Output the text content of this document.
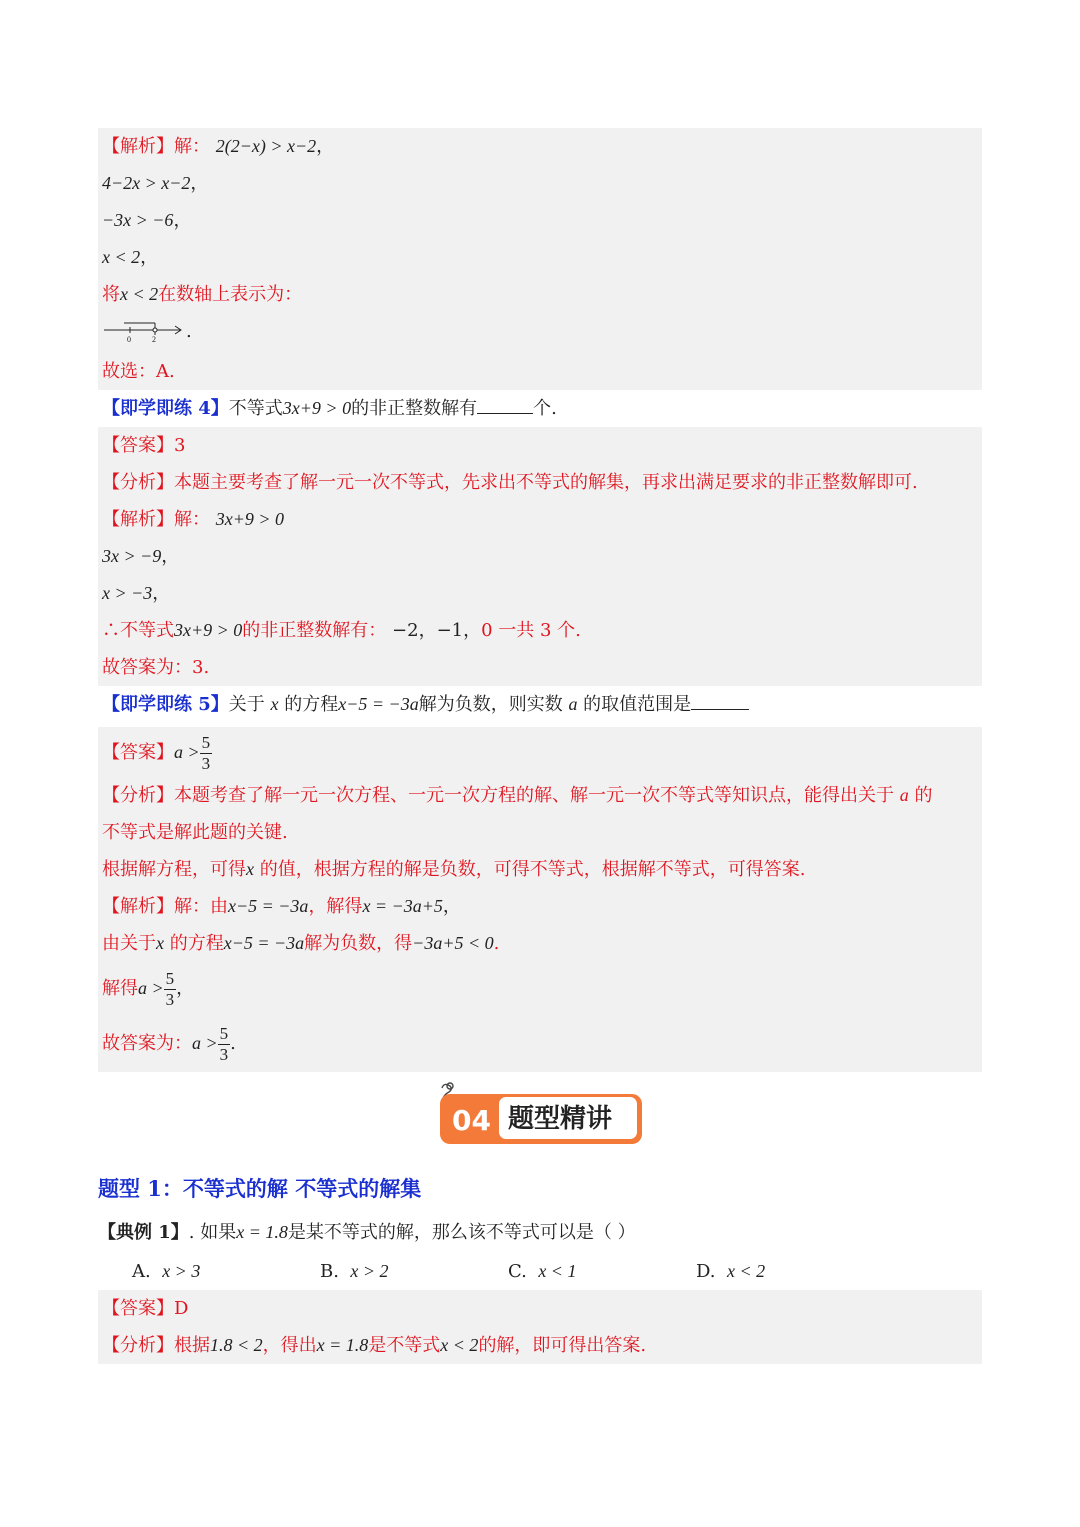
【解析】解： 2(2−x) > x−2，
4−2x > x−2，
−3x > −6，
x < 2，
将x < 2在数轴上表示为：
0	2 .
故选：A.
【即学即练 4】不等式3x+9 > 0的非正整数解有	个.
【答案】3
【分析】本题主要考查了解一元一次不等式，先求出不等式的解集，再求出满足要求的非正整数解即可.
【解析】解： 3x+9 > 0
3x > −9，
x > −3，
∴不等式3x+9 > 0的非正整数解有： −2，−1，0 一共 3 个.
故答案为：3.
【即学即练 5】关于 x 的方程x−5 = −3a解为负数，则实数 a 的取值范围是
【答案】$a > \frac{5}{3}$
【分析】本题考查了解一元一次方程、一元一次方程的解、解一元一次不等式等知识点，能得出关于 a 的
不等式是解此题的关键.
根据解方程，可得x 的值，根据方程的解是负数，可得不等式，根据解不等式，可得答案.
【解析】解：由x−5 = −3a，解得x = −3a+5，
由关于x 的方程x−5 = −3a解为负数，得−3a+5 < 0.
解得$a > \frac{5}{3}$ ，
故答案为：$a > \frac{5}{3}$ .
04 题型精讲
题型 1：不等式的解 不等式的解集
【典例 1】. 如果x = 1.8是某不等式的解，那么该不等式可以是（ ）
A. x > 3	B. x > 2	C. x < 1	D. x < 2
【答案】D
【分析】根据1.8 < 2，得出x = 1.8是不等式x < 2的解，即可得出答案.
